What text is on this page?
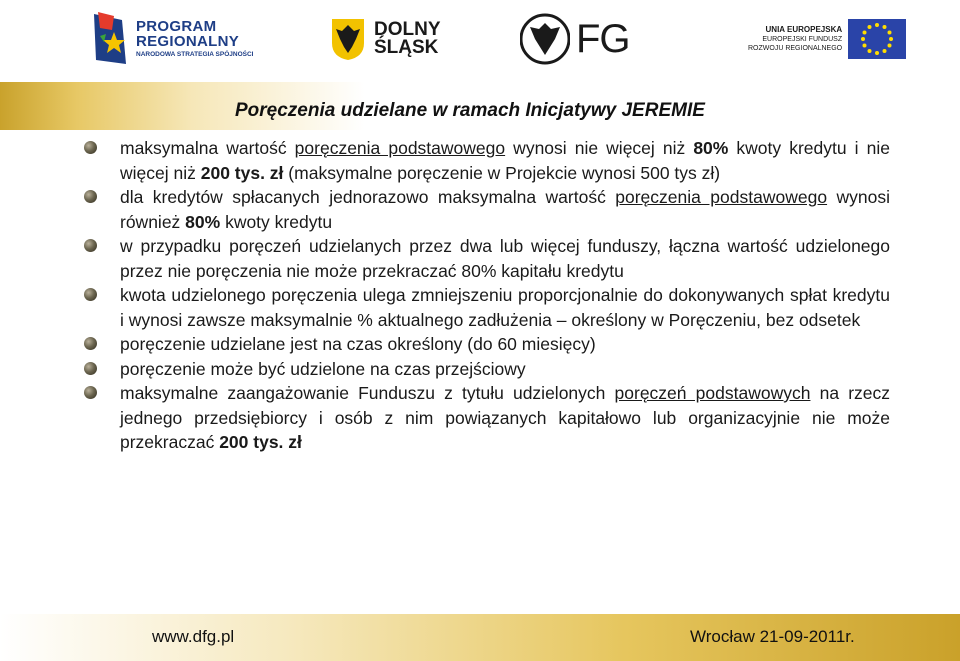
PROGRAM
REGIONALNY
NARODOWA STRATEGIA SPÓJNOŚCI
DOLNY
ŚLĄSK	FG	UNIA EUROPEJSKA
EUROPEJSKI FUNDUSZ
ROZWOJU REGIONALNEGO
Poręczenia udzielane w ramach Inicjatywy JEREMIE
maksymalna wartość poręczenia podstawowego wynosi nie więcej niż 80% kwoty kredytu i nie więcej niż 200 tys. zł (maksymalne poręczenie w Projekcie wynosi 500 tys zł)
dla kredytów spłacanych jednorazowo maksymalna wartość poręczenia podstawowego wynosi również 80% kwoty kredytu
w przypadku poręczeń udzielanych przez dwa lub więcej funduszy, łączna wartość udzielonego przez nie poręczenia nie może przekraczać 80% kapitału kredytu
kwota udzielonego poręczenia ulega zmniejszeniu proporcjonalnie do dokonywanych spłat kredytu i wynosi zawsze maksymalnie % aktualnego zadłużenia – określony w Poręczeniu, bez odsetek
poręczenie udzielane jest na czas określony (do 60 miesięcy)
poręczenie może być udzielone na czas przejściowy
maksymalne zaangażowanie Funduszu z tytułu udzielonych poręczeń podstawowych na rzecz jednego przedsiębiorcy i osób z nim powiązanych kapitałowo lub organizacyjnie nie może przekraczać 200 tys. zł
www.dfg.pl	Wrocław 21-09-2011r.
